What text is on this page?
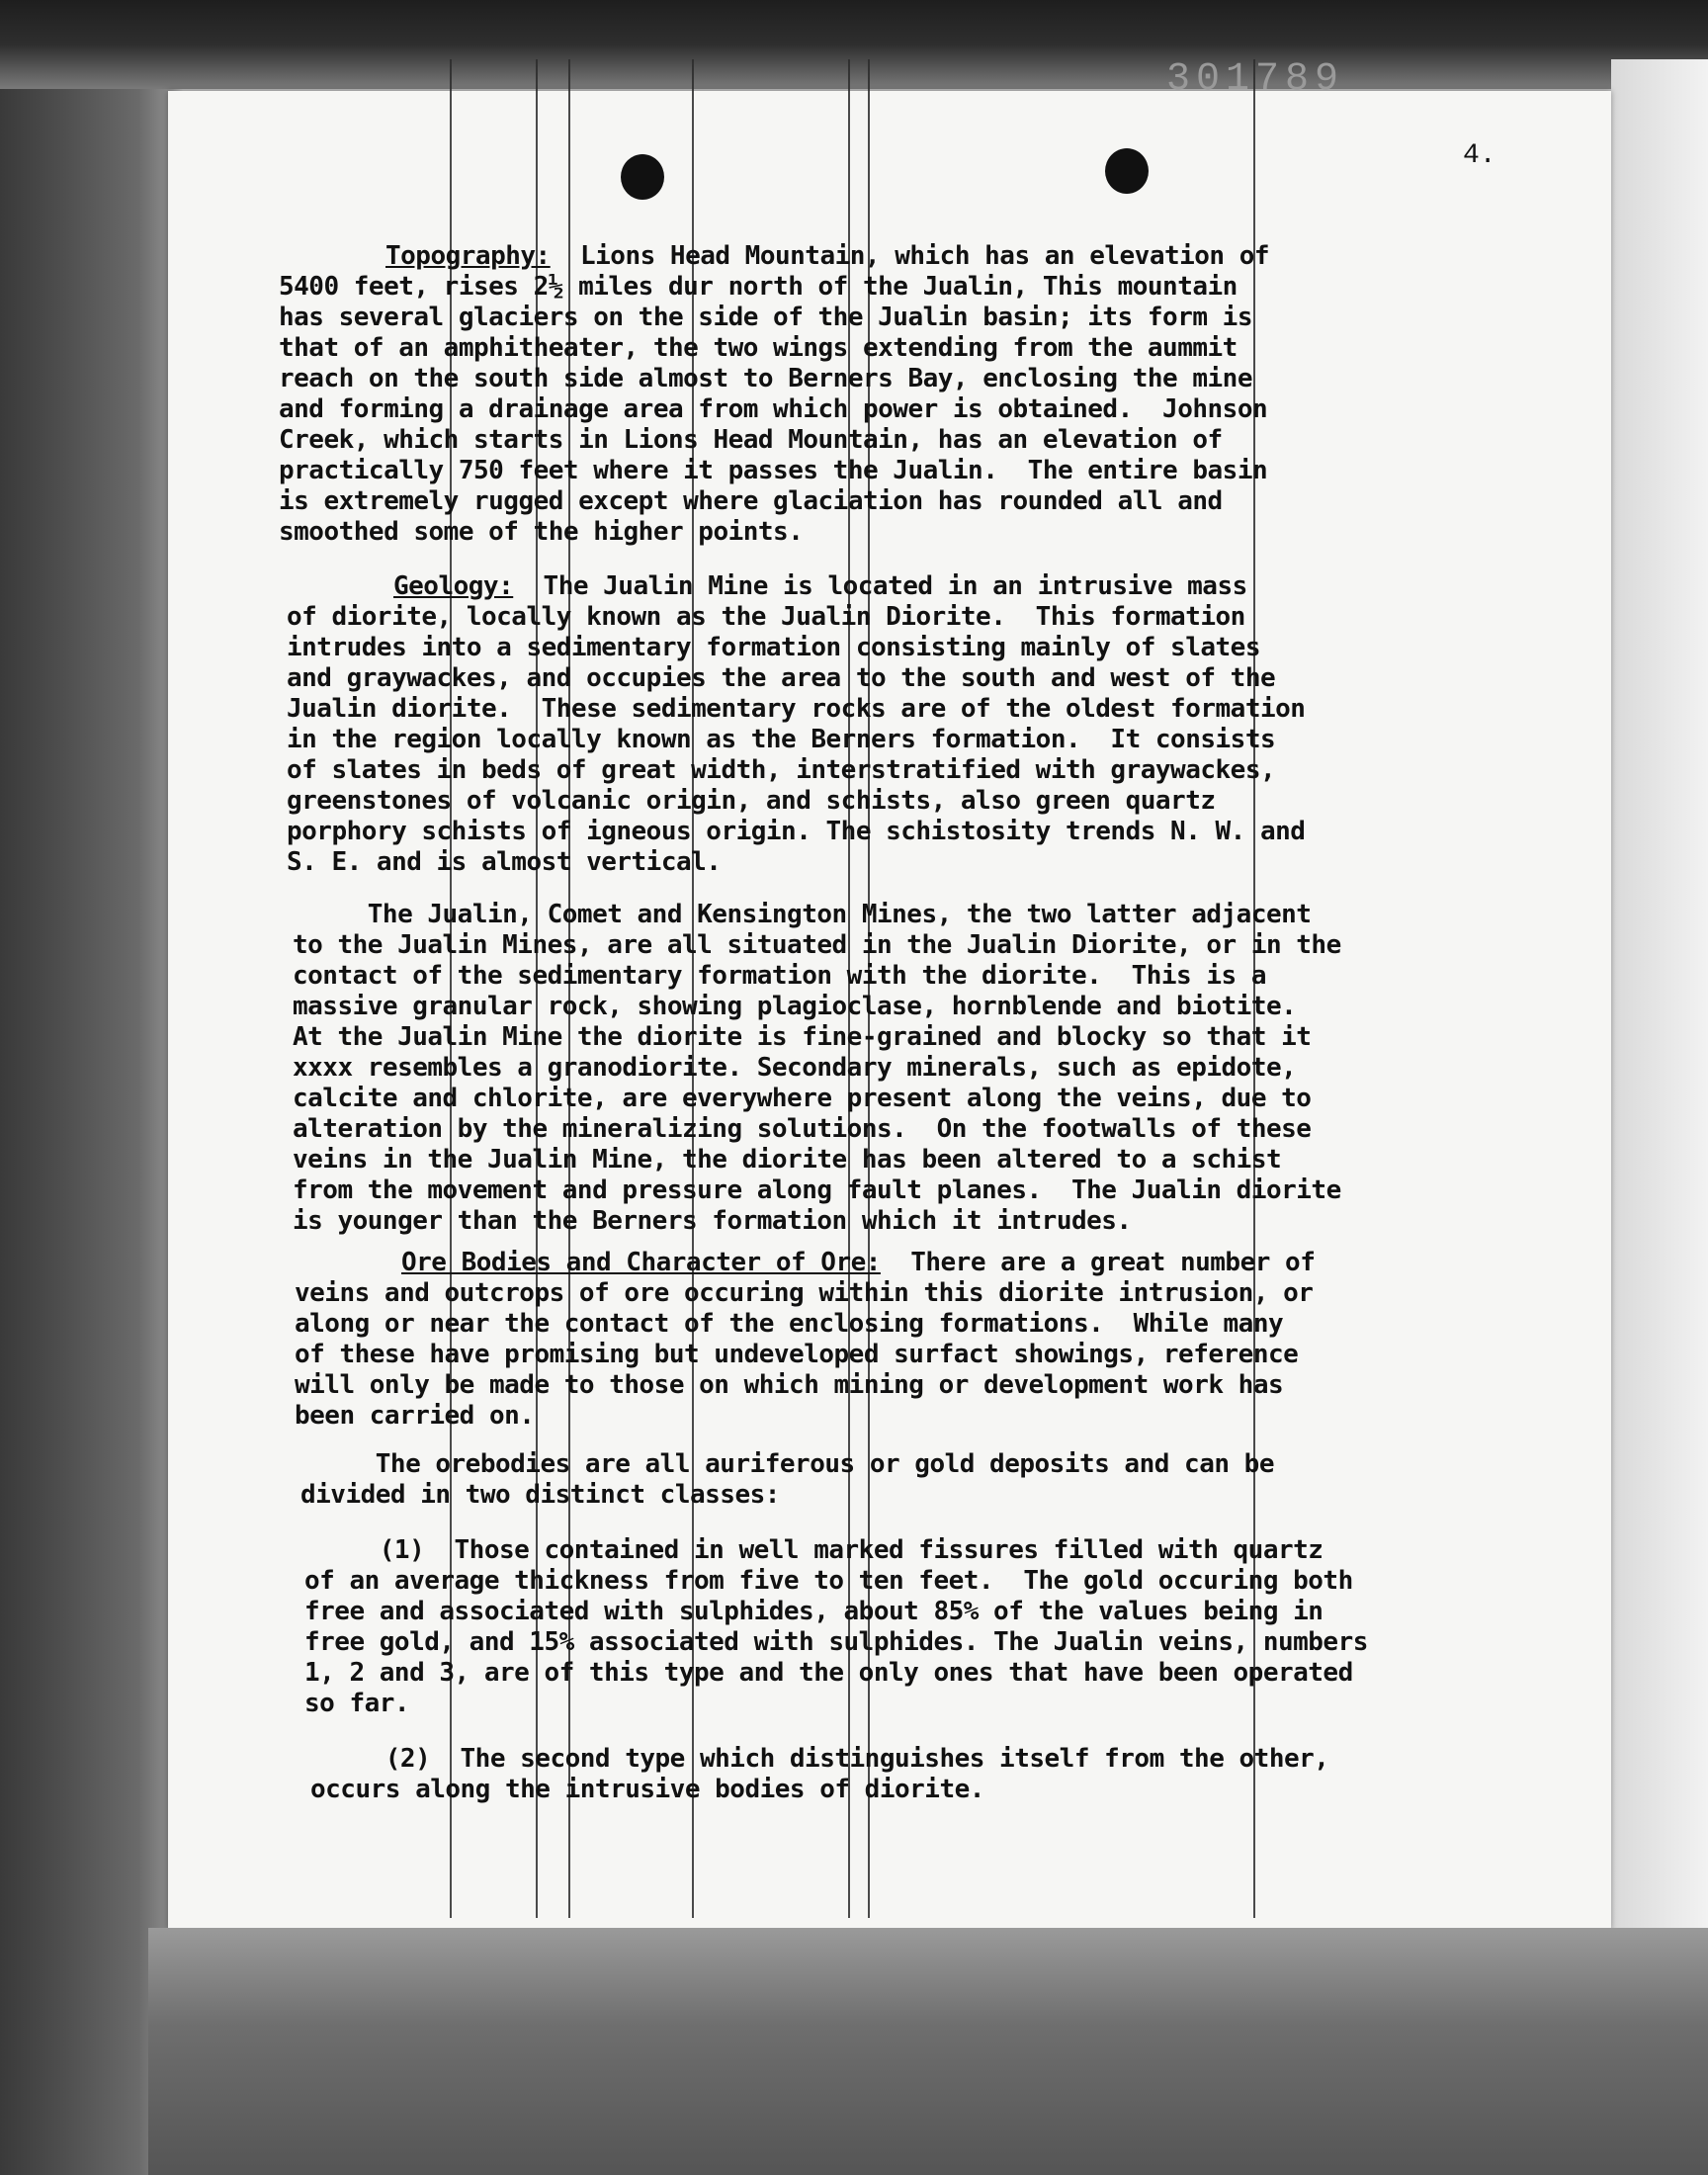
301789
4.
Topography:  Lions Head Mountain, which has an elevation of
5400 feet, rises 2½ miles dur north of the Jualin, This mountain
has several glaciers on the side of the Jualin basin; its form is
that of an amphitheater, the two wings extending from the aummit
reach on the south side almost to Berners Bay, enclosing the mine
and forming a drainage area from which power is obtained.  Johnson
Creek, which starts in Lions Head Mountain, has an elevation of
practically 750 feet where it passes the Jualin.  The entire basin
is extremely rugged except where glaciation has rounded all and
smoothed some of the higher points.
Geology:  The Jualin Mine is located in an intrusive mass
of diorite, locally known as the Jualin Diorite.  This formation
intrudes into a sedimentary formation consisting mainly of slates
and graywackes, and occupies the area to the south and west of the
Jualin diorite.  These sedimentary rocks are of the oldest formation
in the region locally known as the Berners formation.  It consists
of slates in beds of great width, interstratified with graywackes,
greenstones of volcanic origin, and schists, also green quartz
porphory schists of igneous origin. The schistosity trends N. W. and
S. E. and is almost vertical.
The Jualin, Comet and Kensington Mines, the two latter adjacent
to the Jualin Mines, are all situated in the Jualin Diorite, or in the
contact of the sedimentary formation with the diorite.  This is a
massive granular rock, showing plagioclase, hornblende and biotite.
At the Jualin Mine the diorite is fine-grained and blocky so that it
xxxx resembles a granodiorite. Secondary minerals, such as epidote,
calcite and chlorite, are everywhere present along the veins, due to
alteration by the mineralizing solutions.  On the footwalls of these
veins in the Jualin Mine, the diorite has been altered to a schist
from the movement and pressure along fault planes.  The Jualin diorite
is younger than the Berners formation which it intrudes.
Ore Bodies and Character of Ore:  There are a great number of
veins and outcrops of ore occuring within this diorite intrusion, or
along or near the contact of the enclosing formations.  While many
of these have promising but undeveloped surfact showings, reference
will only be made to those on which mining or development work has
been carried on.
The orebodies are all auriferous or gold deposits and can be
divided in two distinct classes:
(1)  Those contained in well marked fissures filled with quartz
of an average thickness from five to ten feet.  The gold occuring both
free and associated with sulphides, about 85% of the values being in
free gold, and 15% associated with sulphides. The Jualin veins, numbers
1, 2 and 3, are of this type and the only ones that have been operated
so far.
(2)  The second type which distinguishes itself from the other,
occurs along the intrusive bodies of diorite.
